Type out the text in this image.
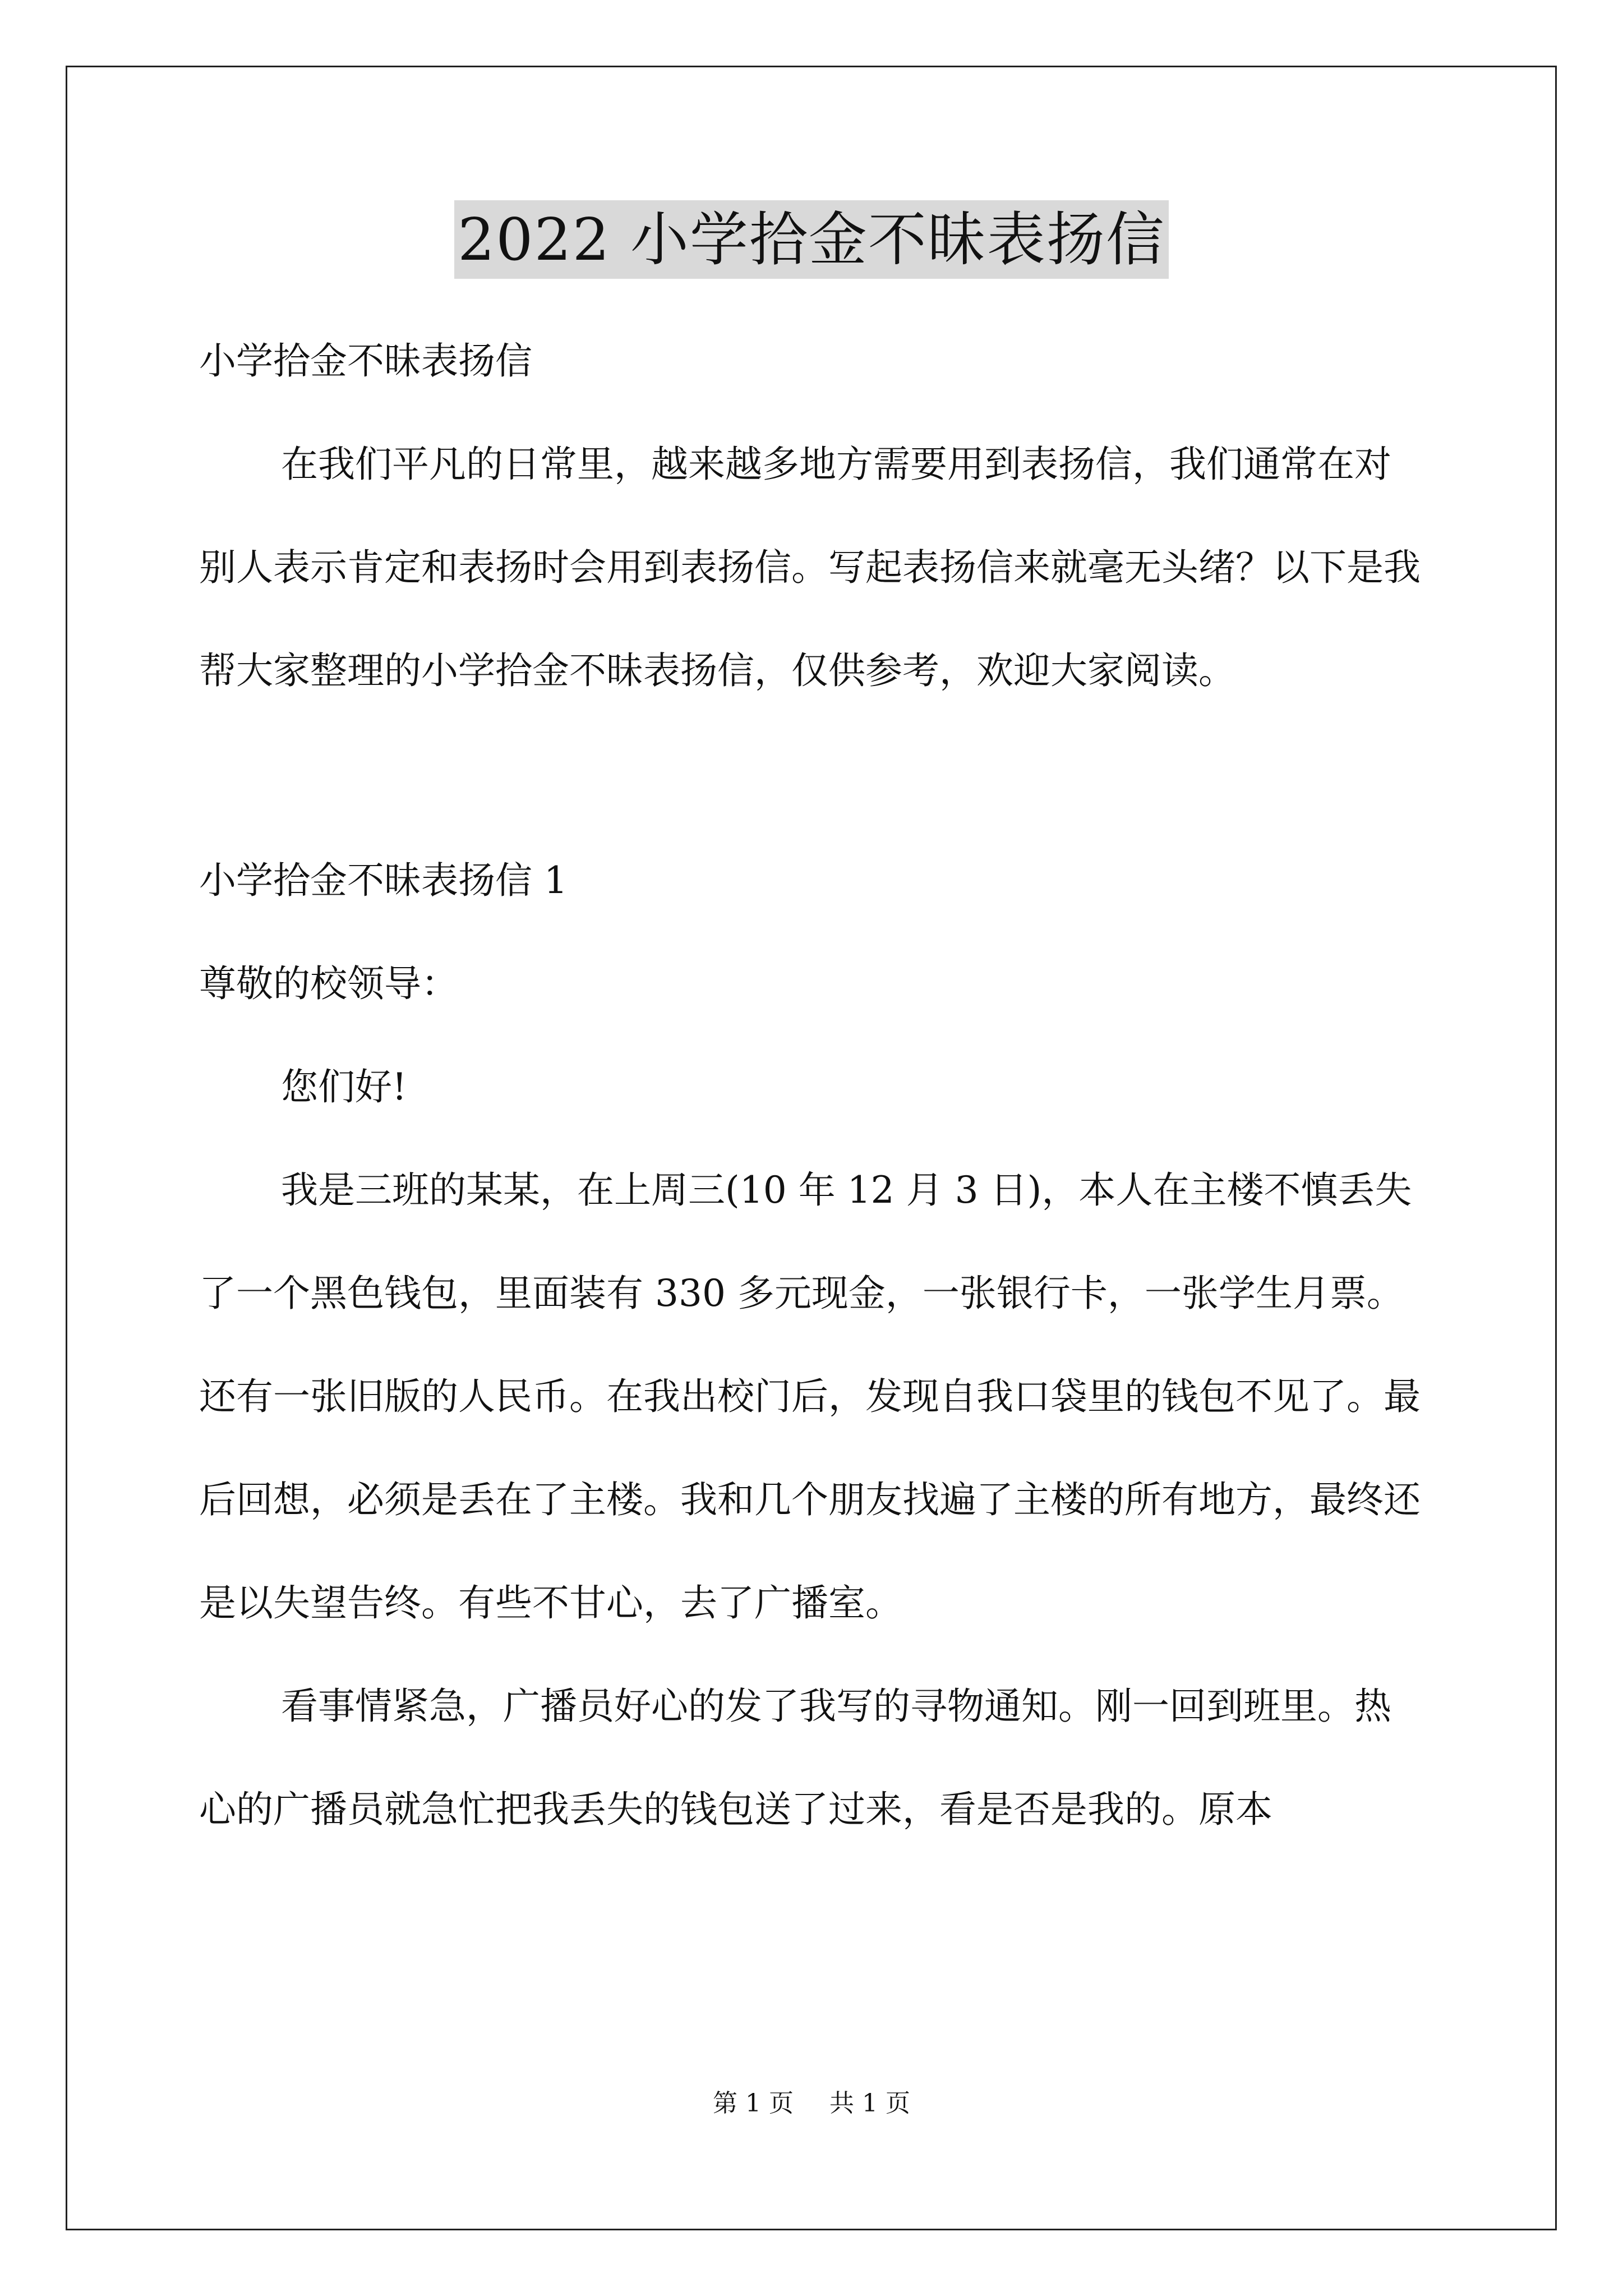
2022 小学拾金不昧表扬信

小学拾金不昧表扬信

在我们平凡的日常里，越来越多地方需要用到表扬信，我们通常在对别人表示肯定和表扬时会用到表扬信。写起表扬信来就毫无头绪？以下是我帮大家整理的小学拾金不昧表扬信，仅供参考，欢迎大家阅读。

小学拾金不昧表扬信 1

尊敬的校领导：

您们好!

我是三班的某某，在上周三(10 年 12 月 3 日)，本人在主楼不慎丢失了一个黑色钱包，里面装有 330 多元现金，一张银行卡，一张学生月票。还有一张旧版的人民币。在我出校门后，发现自我口袋里的钱包不见了。最后回想，必须是丢在了主楼。我和几个朋友找遍了主楼的所有地方，最终还是以失望告终。有些不甘心，去了广播室。

看事情紧急，广播员好心的发了我写的寻物通知。刚一回到班里。热心的广播员就急忙把我丢失的钱包送了过来，看是否是我的。原本

第 1 页 共 1 页
